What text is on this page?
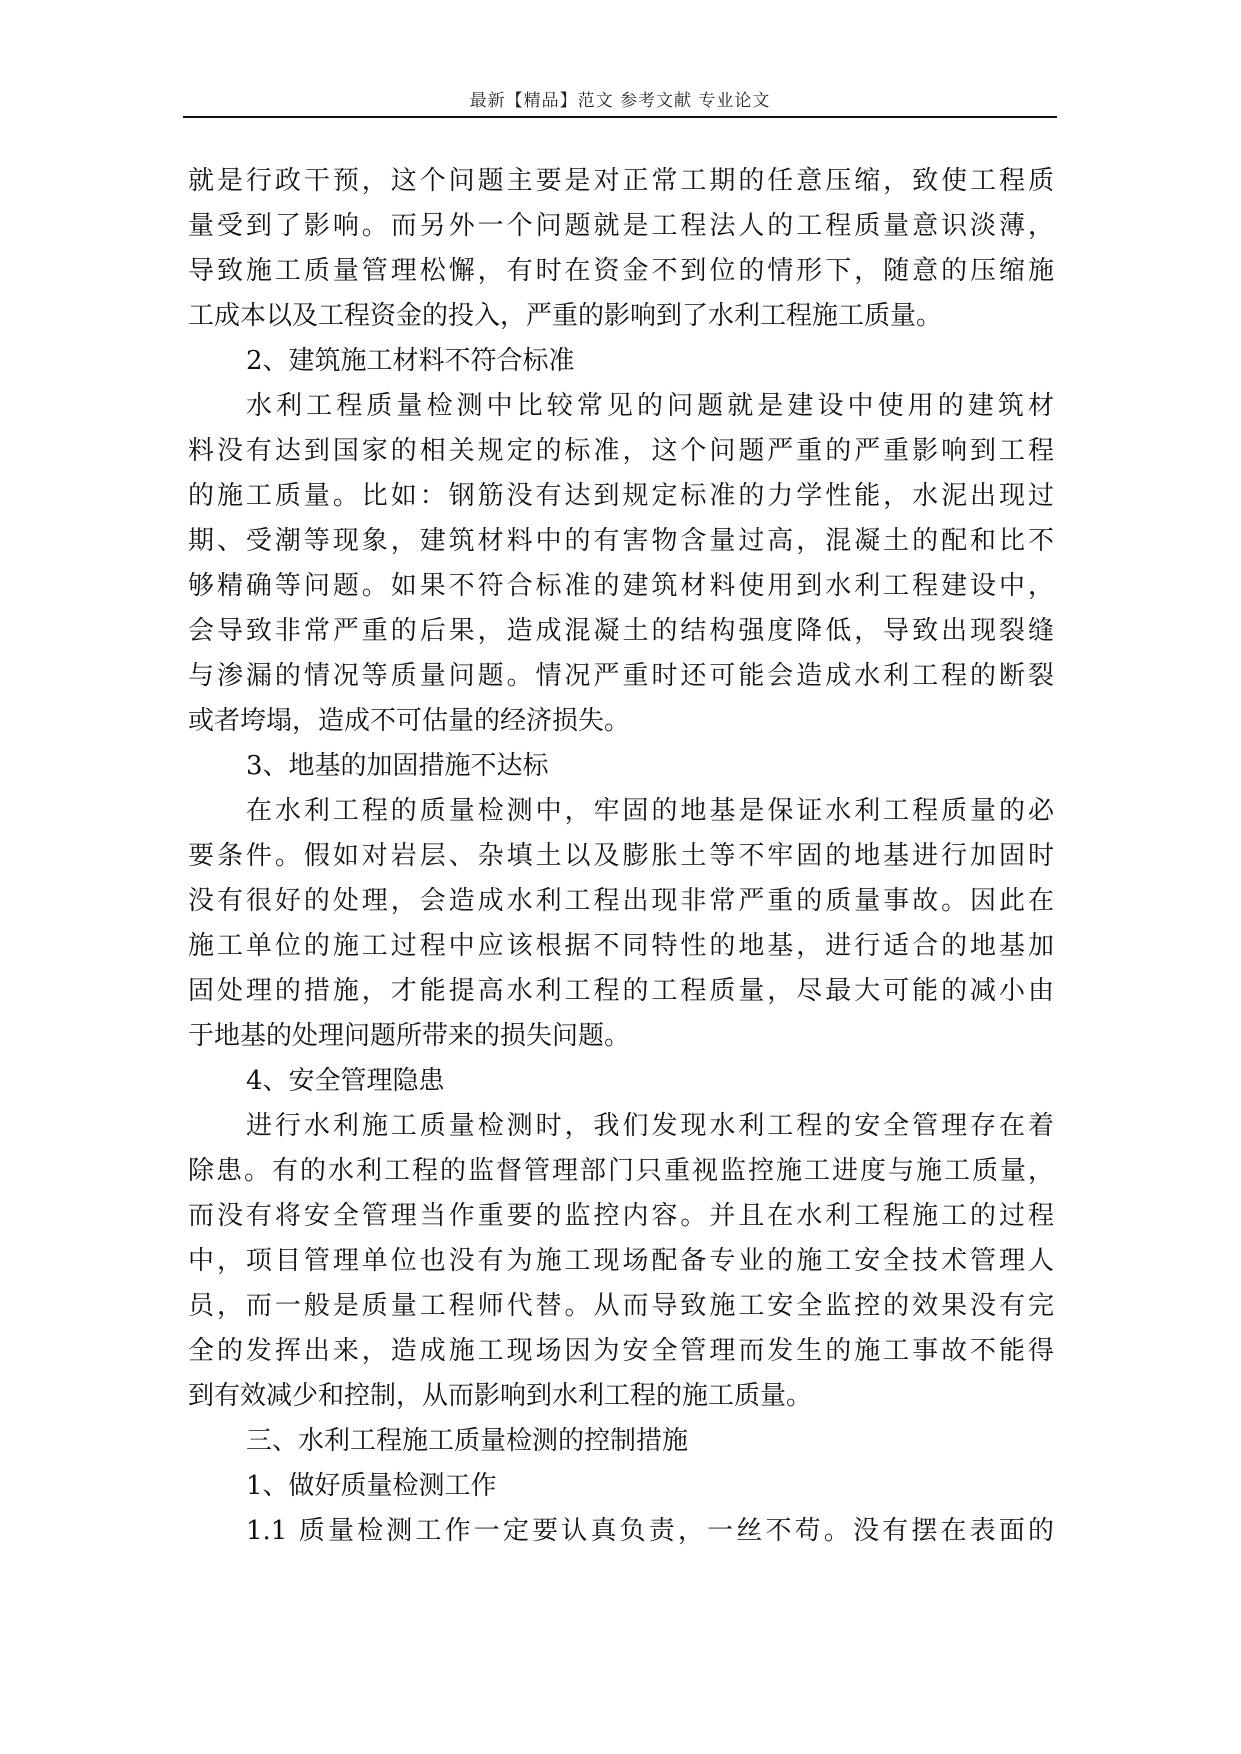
最新【精品】范文 参考文献 专业论文
就是行政干预，这个问题主要是对正常工期的任意压缩，致使工程质
量受到了影响。而另外一个问题就是工程法人的工程质量意识淡薄，
导致施工质量管理松懈，有时在资金不到位的情形下，随意的压缩施
工成本以及工程资金的投入，严重的影响到了水利工程施工质量。
2、建筑施工材料不符合标准
水利工程质量检测中比较常见的问题就是建设中使用的建筑材
料没有达到国家的相关规定的标准，这个问题严重的严重影响到工程
的施工质量。比如：钢筋没有达到规定标准的力学性能，水泥出现过
期、受潮等现象，建筑材料中的有害物含量过高，混凝土的配和比不
够精确等问题。如果不符合标准的建筑材料使用到水利工程建设中，
会导致非常严重的后果，造成混凝土的结构强度降低，导致出现裂缝
与渗漏的情况等质量问题。情况严重时还可能会造成水利工程的断裂
或者垮塌，造成不可估量的经济损失。
3、地基的加固措施不达标
在水利工程的质量检测中，牢固的地基是保证水利工程质量的必
要条件。假如对岩层、杂填土以及膨胀土等不牢固的地基进行加固时
没有很好的处理，会造成水利工程出现非常严重的质量事故。因此在
施工单位的施工过程中应该根据不同特性的地基，进行适合的地基加
固处理的措施，才能提高水利工程的工程质量，尽最大可能的减小由
于地基的处理问题所带来的损失问题。
4、安全管理隐患
进行水利施工质量检测时，我们发现水利工程的安全管理存在着
除患。有的水利工程的监督管理部门只重视监控施工进度与施工质量，
而没有将安全管理当作重要的监控内容。并且在水利工程施工的过程
中，项目管理单位也没有为施工现场配备专业的施工安全技术管理人
员，而一般是质量工程师代替。从而导致施工安全监控的效果没有完
全的发挥出来，造成施工现场因为安全管理而发生的施工事故不能得
到有效减少和控制，从而影响到水利工程的施工质量。
三、水利工程施工质量检测的控制措施
1、做好质量检测工作
1.1 质量检测工作一定要认真负责，一丝不苟。没有摆在表面的
